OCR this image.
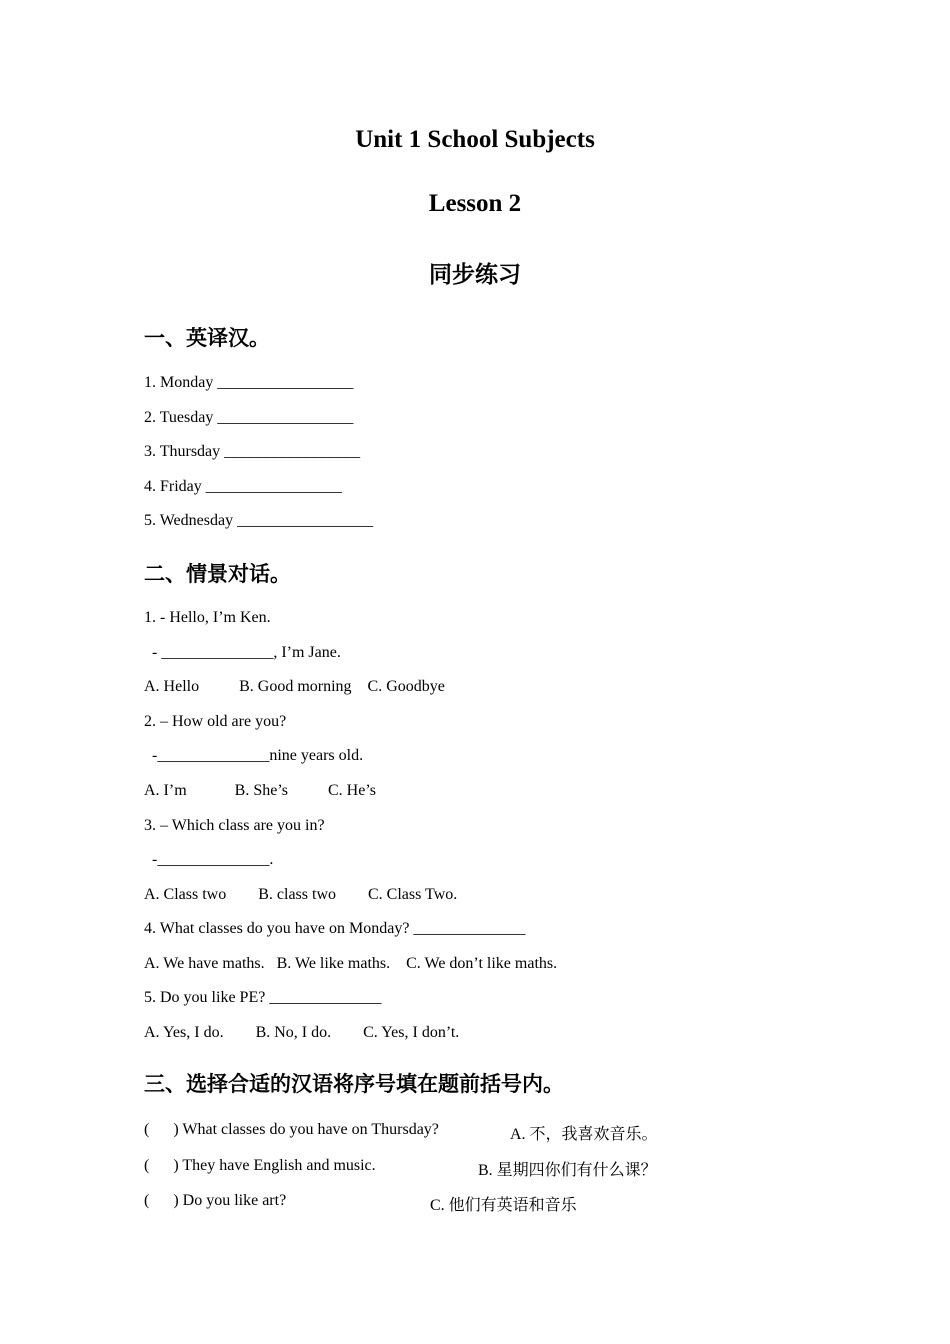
Unit 1 School Subjects
Lesson 2
同步练习
一、英译汉。
1. Monday _________________
2. Tuesday _________________
3. Thursday _________________
4. Friday _________________
5. Wednesday _________________
二、情景对话。
1. - Hello, I’m Ken.
- ______________, I’m Jane.
A. Hello          B. Good morning    C. Goodbye
2. – How old are you?
-______________nine years old.
A. I’m            B. She’s          C. He’s
3. – Which class are you in?
-______________.
A. Class two        B. class two        C. Class Two.
4. What classes do you have on Monday? ______________
A. We have maths.   B. We like maths.    C. We don’t like maths.
5. Do you like PE? ______________
A. Yes, I do.        B. No, I do.        C. Yes, I don’t.
三、选择合适的汉语将序号填在题前括号内。
(      ) What classes do you have on Thursday?	A. 不，我喜欢音乐。
(      ) They have English and music.	B. 星期四你们有什么课？
(      ) Do you like art?	C. 他们有英语和音乐
